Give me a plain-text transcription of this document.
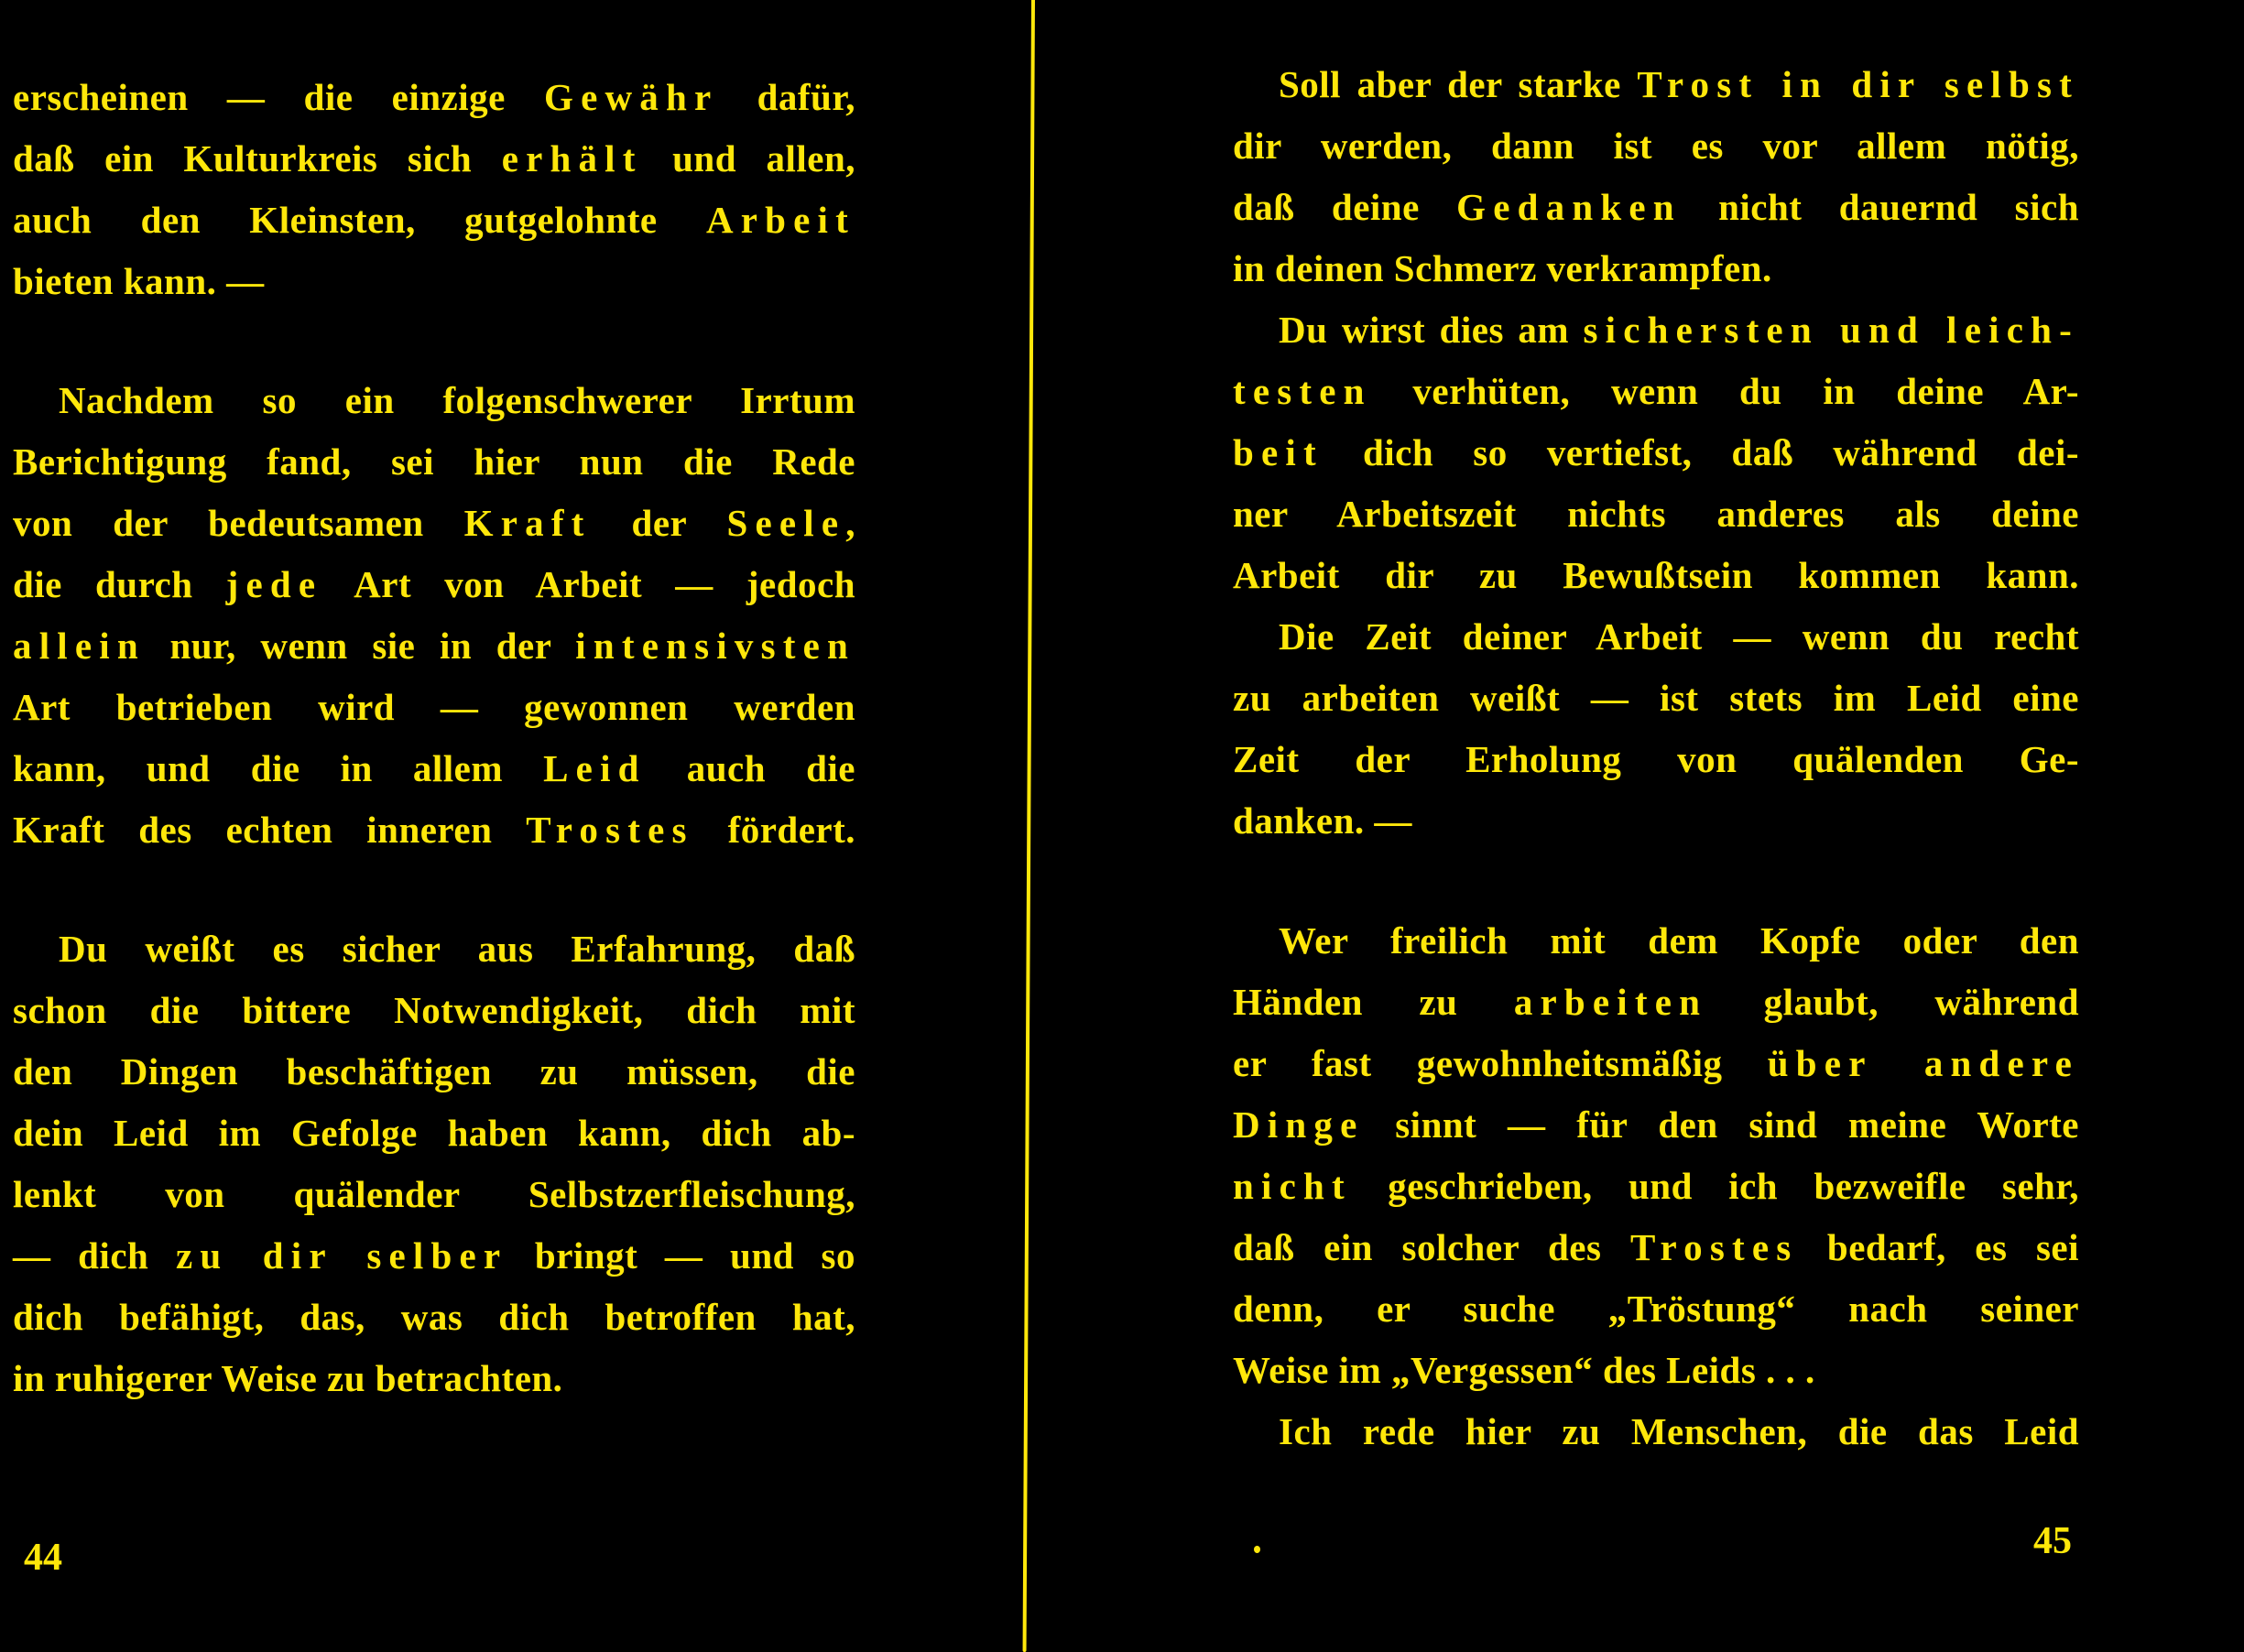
erscheinen — die einzige Gewähr dafür,
daß ein Kulturkreis sich erhält und allen,
auch den Kleinsten, gutgelohnte Arbeit
bieten kann. —
Nachdem so ein folgenschwerer Irrtum
Berichtigung fand, sei hier nun die Rede
von der bedeutsamen Kraft der Seele,
die durch jede Art von Arbeit — jedoch
allein nur, wenn sie in der intensivsten
Art betrieben wird — gewonnen werden
kann, und die in allem Leid auch die
Kraft des echten inneren Trostes fördert.
Du weißt es sicher aus Erfahrung, daß
schon die bittere Notwendigkeit, dich mit
den Dingen beschäftigen zu müssen, die
dein Leid im Gefolge haben kann, dich ab-
lenkt von quälender Selbstzerfleischung,
— dich zu dir selber bringt — und so
dich befähigt, das, was dich betroffen hat,
in ruhigerer Weise zu betrachten.
Soll aber der starke Trost in dir selbst
dir werden, dann ist es vor allem nötig,
daß deine Gedanken nicht dauernd sich
in deinen Schmerz verkrampfen.
Du wirst dies am sichersten und leich-
testen verhüten, wenn du in deine Ar-
beit dich so vertiefst, daß während dei-
ner Arbeitszeit nichts anderes als deine
Arbeit dir zu Bewußtsein kommen kann.
Die Zeit deiner Arbeit — wenn du recht
zu arbeiten weißt — ist stets im Leid eine
Zeit der Erholung von quälenden Ge-
danken. —
Wer freilich mit dem Kopfe oder den
Händen zu arbeiten glaubt, während
er fast gewohnheitsmäßig über andere
Dinge sinnt — für den sind meine Worte
nicht geschrieben, und ich bezweifle sehr,
daß ein solcher des Trostes bedarf, es sei
denn, er suche „Tröstung“ nach seiner
Weise im „Vergessen“ des Leids . . .
Ich rede hier zu Menschen, die das Leid
44	45
